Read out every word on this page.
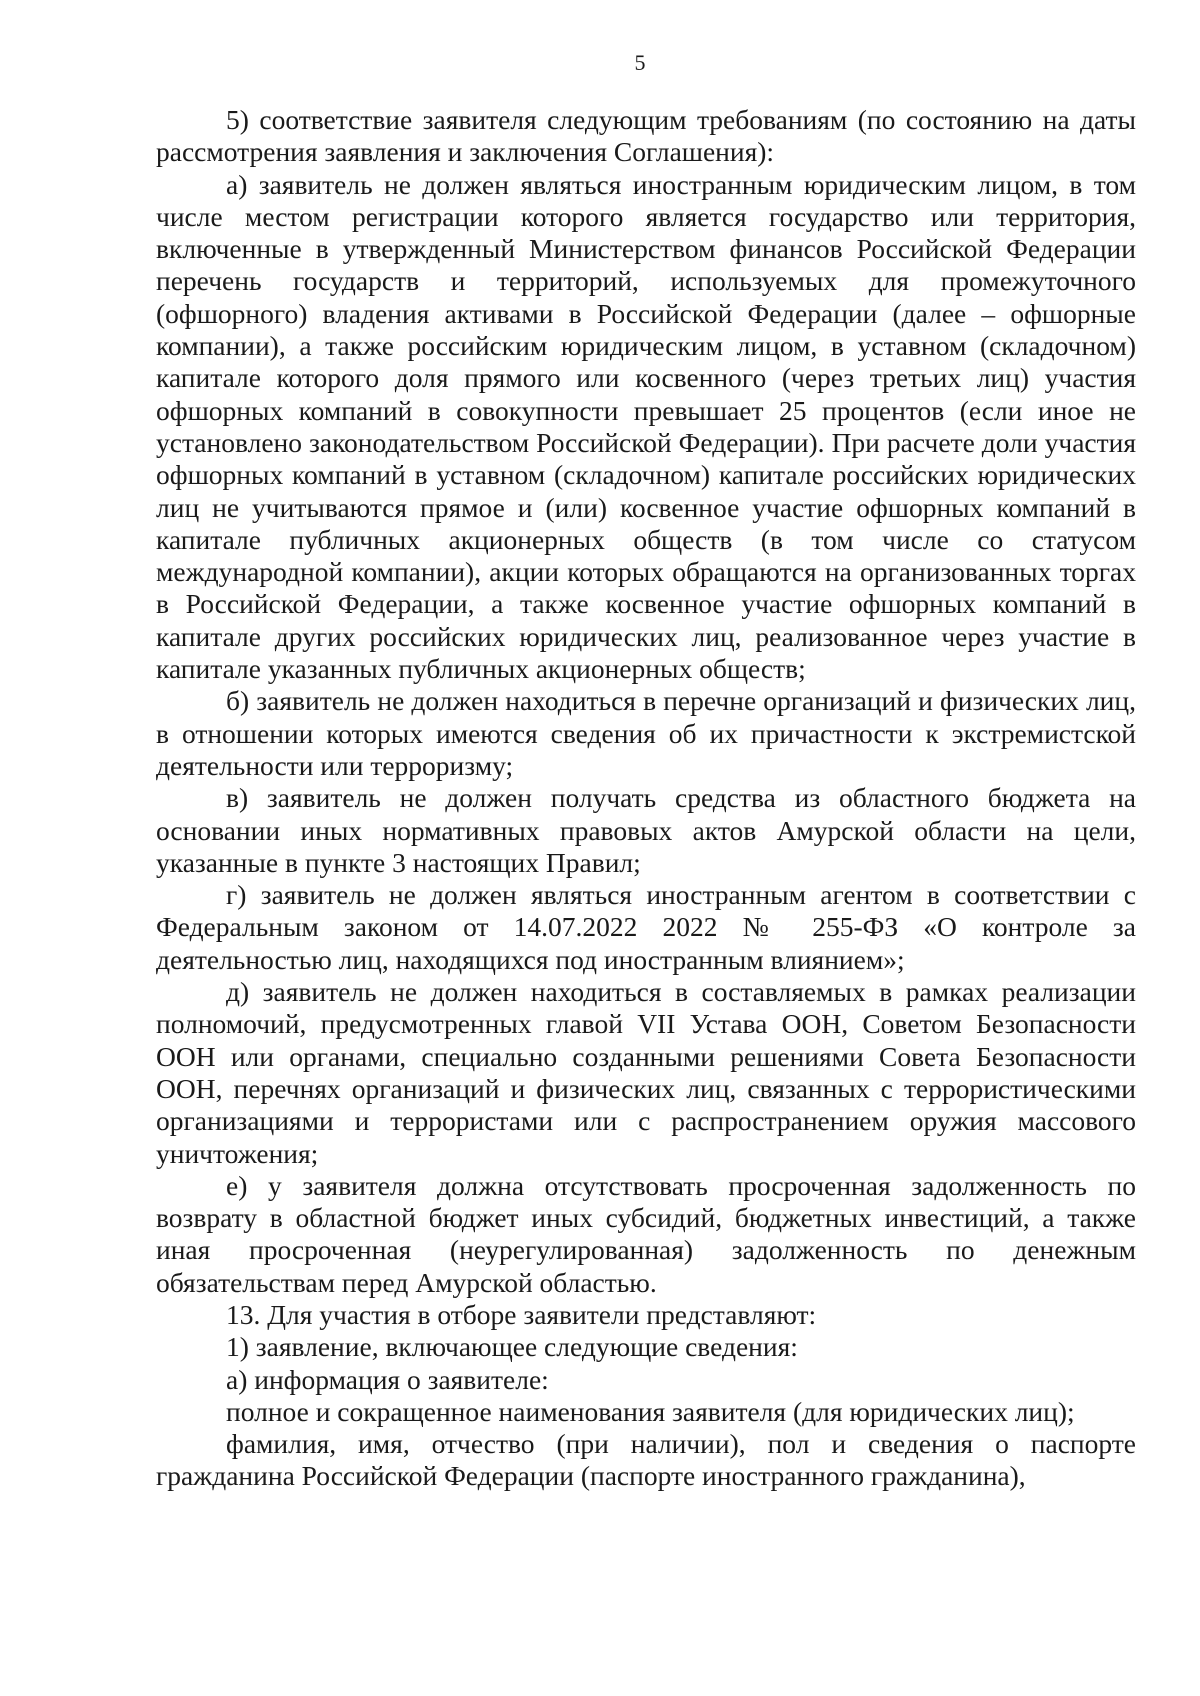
5

5) соответствие заявителя следующим требованиям (по состоянию на даты рассмотрения заявления и заключения Соглашения):

а) заявитель не должен являться иностранным юридическим лицом, в том числе местом регистрации которого является государство или территория, включенные в утвержденный Министерством финансов Российской Федерации перечень государств и территорий, используемых для промежуточного (офшорного) владения активами в Российской Федерации (далее – офшорные компании), а также российским юридическим лицом, в уставном (складочном) капитале которого доля прямого или косвенного (через третьих лиц) участия офшорных компаний в совокупности превышает 25 процентов (если иное не установлено законодательством Российской Федерации). При расчете доли участия офшорных компаний в уставном (складочном) капитале российских юридических лиц не учитываются прямое и (или) косвенное участие офшорных компаний в капитале публичных акционерных обществ (в том числе со статусом международной компании), акции которых обращаются на организованных торгах в Российской Федерации, а также косвенное участие офшорных компаний в капитале других российских юридических лиц, реализованное через участие в капитале указанных публичных акционерных обществ;

б) заявитель не должен находиться в перечне организаций и физических лиц, в отношении которых имеются сведения об их причастности к экстремистской деятельности или терроризму;

в) заявитель не должен получать средства из областного бюджета на основании иных нормативных правовых актов Амурской области на цели, указанные в пункте 3 настоящих Правил;

г) заявитель не должен являться иностранным агентом в соответствии с Федеральным законом от 14.07.2022 2022 № 255-ФЗ «О контроле за деятельностью лиц, находящихся под иностранным влиянием»;

д) заявитель не должен находиться в составляемых в рамках реализации полномочий, предусмотренных главой VII Устава ООН, Советом Безопасности ООН или органами, специально созданными решениями Совета Безопасности ООН, перечнях организаций и физических лиц, связанных с террористическими организациями и террористами или с распространением оружия массового уничтожения;

е) у заявителя должна отсутствовать просроченная задолженность по возврату в областной бюджет иных субсидий, бюджетных инвестиций, а также иная просроченная (неурегулированная) задолженность по денежным обязательствам перед Амурской областью.

13. Для участия в отборе заявители представляют:

1) заявление, включающее следующие сведения:

а) информация о заявителе:

полное и сокращенное наименования заявителя (для юридических лиц);

фамилия, имя, отчество (при наличии), пол и сведения о паспорте гражданина Российской Федерации (паспорте иностранного гражданина),
